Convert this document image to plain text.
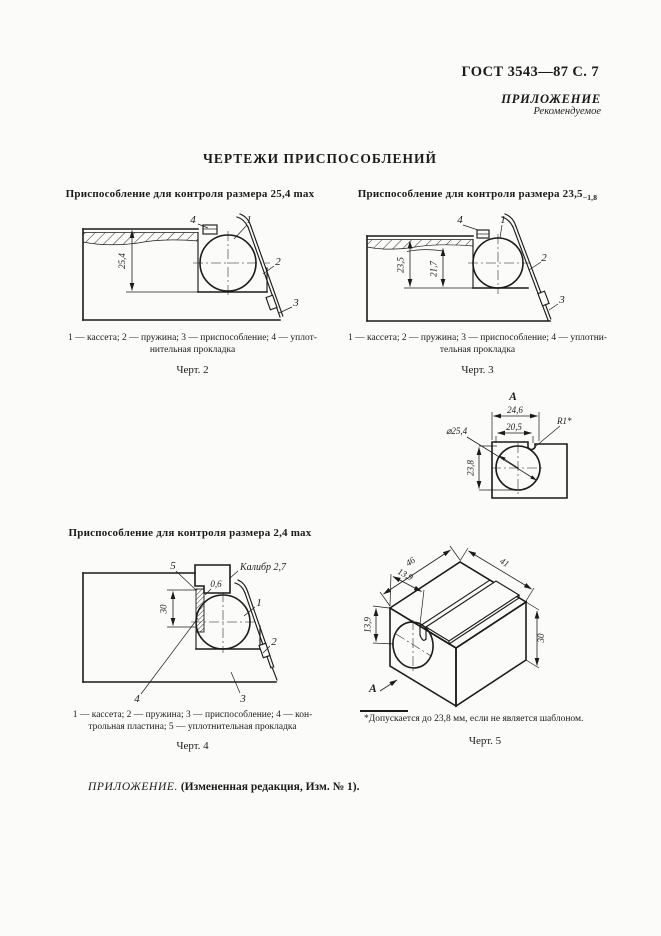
ГОСТ 3543—87 С. 7
ПРИЛОЖЕНИЕ
Рекомендуемое
ЧЕРТЕЖИ ПРИСПОСОБЛЕНИЙ
Приспособление для контроля размера 25,4 max	Приспособление для контроля размера $23,5_{-1,8}$
25,4
4	1
2
3
23,5	21,7
4	1
2
3
1 — кассета; 2 — пружина; 3 — приспособление; 4 — уплот-
нительная прокладка
Черт. 2
1 — кассета; 2 — пружина; 3 — приспособление; 4 — уплотни-
тельная прокладка
Черт. 3
А
24,6
20,5
R1*
⌀25,4
23,8
Приспособление для контроля размера 2,4 max
30
0,6
Калибр 2,7
5
1
2
4	3
46	41
13,9
13,9
30
А
1 — кассета; 2 — пружина; 3 — приспособление; 4 — кон-
трольная пластина; 5 — уплотнительная прокладка
Черт. 4
*Допускается до 23,8 мм, если не является шаблоном.
Черт. 5
ПРИЛОЖЕНИЕ. (Измененная редакция, Изм. № 1).
